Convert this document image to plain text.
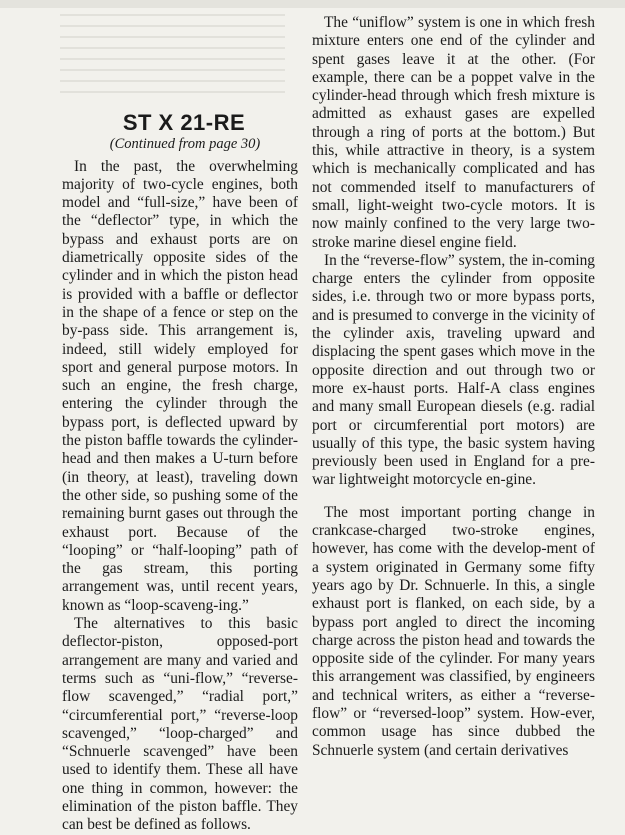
ST X 21-RE
(Continued from page 30)

In the past, the overwhelming majority of two-cycle engines, both model and “full-size,” have been of the “deflector” type, in which the bypass and exhaust ports are on diametrically opposite sides of the cylinder and in which the piston head is provided with a baffle or deflector in the shape of a fence or step on the by-pass side. This arrangement is, indeed, still widely employed for sport and general purpose motors. In such an engine, the fresh charge, entering the cylinder through the bypass port, is deflected upward by the piston baffle towards the cylinder-head and then makes a U-turn before (in theory, at least), traveling down the other side, so pushing some of the remaining burnt gases out through the exhaust port. Because of the “looping” or “half-looping” path of the gas stream, this porting arrangement was, until recent years, known as “loop-scaveng-ing.”

The alternatives to this basic deflector-piston, opposed-port arrangement are many and varied and terms such as “uni-flow,” “reverse-flow scavenged,” “radial port,” “circumferential port,” “reverse-loop scavenged,” “loop-charged” and “Schnuerle scavenged” have been used to identify them. These all have one thing in common, however: the elimination of the piston baffle. They can best be defined as follows.

The “uniflow” system is one in which fresh mixture enters one end of the cylinder and spent gases leave it at the other. (For example, there can be a poppet valve in the cylinder-head through which fresh mixture is admitted as exhaust gases are expelled through a ring of ports at the bottom.) But this, while attractive in theory, is a system which is mechanically complicated and has not commended itself to manufacturers of small, light-weight two-cycle motors. It is now mainly confined to the very large two-stroke marine diesel engine field.

In the “reverse-flow” system, the in-coming charge enters the cylinder from opposite sides, i.e. through two or more bypass ports, and is presumed to converge in the vicinity of the cylinder axis, traveling upward and displacing the spent gases which move in the opposite direction and out through two or more ex-haust ports. Half-A class engines and many small European diesels (e.g. radial port or circumferential port motors) are usually of this type, the basic system having previously been used in England for a pre-war lightweight motorcycle en-gine.

The most important porting change in crankcase-charged two-stroke engines, however, has come with the develop-ment of a system originated in Germany some fifty years ago by Dr. Schnuerle. In this, a single exhaust port is flanked, on each side, by a bypass port angled to direct the incoming charge across the piston head and towards the opposite side of the cylinder. For many years this arrangement was classified, by engineers and technical writers, as either a “reverse-flow” or “reversed-loop” system. How-ever, common usage has since dubbed the Schnuerle system (and certain derivatives
